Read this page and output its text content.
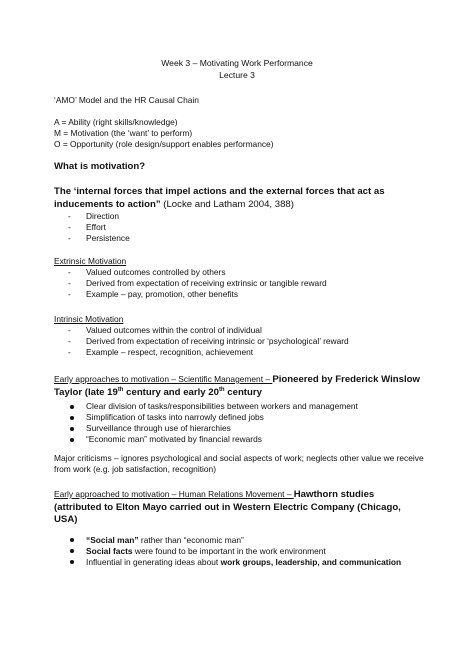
Week 3 – Motivating Work Performance
Lecture 3

‘AMO’ Model and the HR Causal Chain

A = Ability (right skills/knowledge)

M = Motivation (the ‘want’ to perform)

O = Opportunity (role design/support enables performance)

What is motivation?

The ‘internal forces that impel actions and the external forces that act as inducements to action” (Locke and Latham 2004, 388)

- Direction
- Effort
- Persistence

Extrinsic Motivation

- Valued outcomes controlled by others
- Derived from expectation of receiving extrinsic or tangible reward
- Example – pay, promotion, other benefits

Intrinsic Motivation

- Valued outcomes within the control of individual
- Derived from expectation of receiving intrinsic or ‘psychological’ reward
- Example – respect, recognition, achievement

Early approaches to motivation – Scientific Management – Pioneered by Frederick Winslow Taylor (late 19th century and early 20th century

Clear division of tasks/responsibilities between workers and management
Simplification of tasks into narrowly defined jobs
Surveillance through use of hierarchies
“Economic man” motivated by financial rewards
Major criticisms – ignores psychological and social aspects of work; neglects other value we receive from work (e.g. job satisfaction, recognition)

Early approached to motivation – Human Relations Movement – Hawthorn studies (attributed to Elton Mayo carried out in Western Electric Company (Chicago, USA)

“Social man” rather than “economic man”
Social facts were found to be important in the work environment
Influential in generating ideas about work groups, leadership, and communication
